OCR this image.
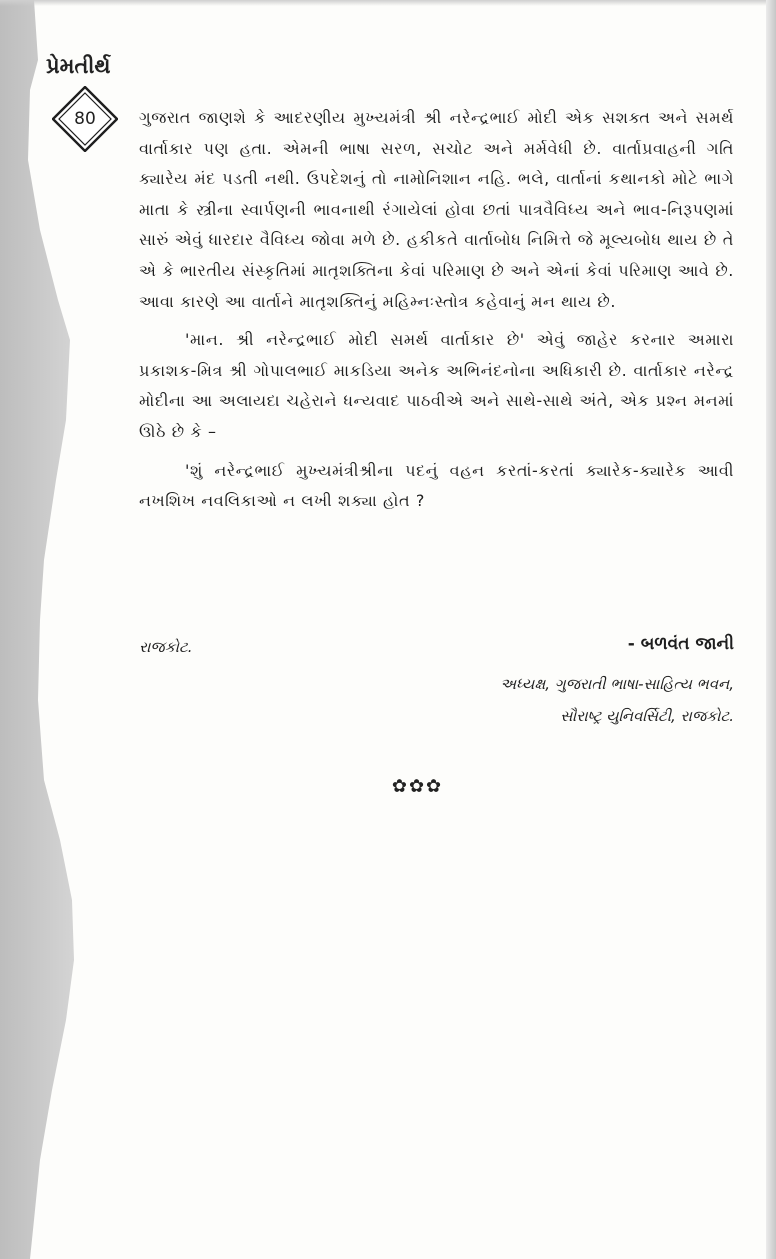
પ્રેમતીર્થ
80	ગુજરાત જાણશે કે આદરણીય મુખ્યમંત્રી શ્રી નરેન્દ્રભાઈ મોદી એક સશક્ત અને સમર્થ વાર્તાકાર પણ હતા. એમની ભાષા સરળ, સચોટ અને મર્મવેધી છે. વાર્તાપ્રવાહની ગતિ ક્યારેય મંદ પડતી નથી. ઉપદેશનું તો નામોનિશાન નહિ. ભલે, વાર્તાનાં કથાનકો મોટે ભાગે માતા કે સ્ત્રીના સ્વાર્પણની ભાવનાથી રંગાયેલાં હોવા છતાં પાત્રવૈવિધ્ય અને ભાવ-નિરૂપણમાં સારું એવું ધારદાર વૈવિધ્ય જોવા મળે છે. હકીકતે વાર્તાબોધ નિમિત્તે જે મૂલ્યબોધ થાય છે તે એ કે ભારતીય સંસ્કૃતિમાં માતૃશક્તિના કેવાં પરિમાણ છે અને એનાં કેવાં પરિમાણ આવે છે. આવા કારણે આ વાર્તાને માતૃશક્તિનું મહિમ્નઃસ્તોત્ર કહેવાનું મન થાય છે.

'માન. શ્રી નરેન્દ્રભાઈ મોદી સમર્થ વાર્તાકાર છે' એવું જાહેર કરનાર અમારા પ્રકાશક-મિત્ર શ્રી ગોપાલભાઈ માકડિયા અનેક અભિનંદનોના અધિકારી છે. વાર્તાકાર નરેન્દ્ર મોદીના આ અલાયદા ચહેરાને ધન્યવાદ પાઠવીએ અને સાથે-સાથે અંતે, એક પ્રશ્ન મનમાં ઊઠે છે કે –

'શું નરેન્દ્રભાઈ મુખ્યમંત્રીશ્રીના પદનું વહન કરતાં-કરતાં ક્યારેક-ક્યારેક આવી નખશિખ નવલિકાઓ ન લખી શક્યા હોત ?

રાજકોટ.	- બળવંત જાની
અધ્યક્ષ, ગુજરાતી ભાષા-સાહિત્ય ભવન,
સૌરાષ્ટ્ર યુનિવર્સિટી, રાજકોટ.
✿✿✿
